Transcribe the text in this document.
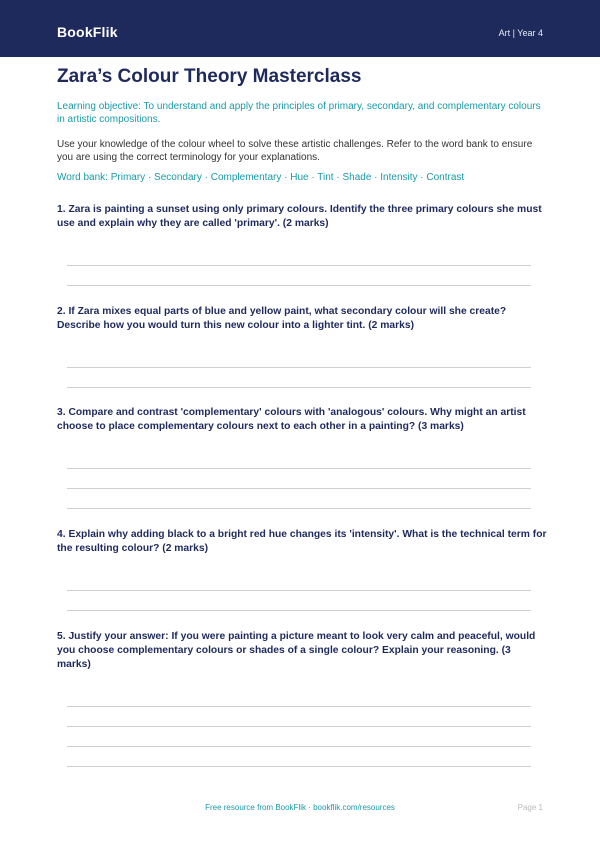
BookFlik	Art | Year 4
Zara’s Colour Theory Masterclass
Learning objective: To understand and apply the principles of primary, secondary, and complementary colours in artistic compositions.
Use your knowledge of the colour wheel to solve these artistic challenges. Refer to the word bank to ensure you are using the correct terminology for your explanations.
Word bank: Primary · Secondary · Complementary · Hue · Tint · Shade · Intensity · Contrast
1. Zara is painting a sunset using only primary colours. Identify the three primary colours she must use and explain why they are called 'primary'. (2 marks)
2. If Zara mixes equal parts of blue and yellow paint, what secondary colour will she create? Describe how you would turn this new colour into a lighter tint. (2 marks)
3. Compare and contrast 'complementary' colours with 'analogous' colours. Why might an artist choose to place complementary colours next to each other in a painting? (3 marks)
4. Explain why adding black to a bright red hue changes its 'intensity'. What is the technical term for the resulting colour? (2 marks)
5. Justify your answer: If you were painting a picture meant to look very calm and peaceful, would you choose complementary colours or shades of a single colour? Explain your reasoning. (3 marks)
Free resource from BookFlik · bookflik.com/resources	Page 1
